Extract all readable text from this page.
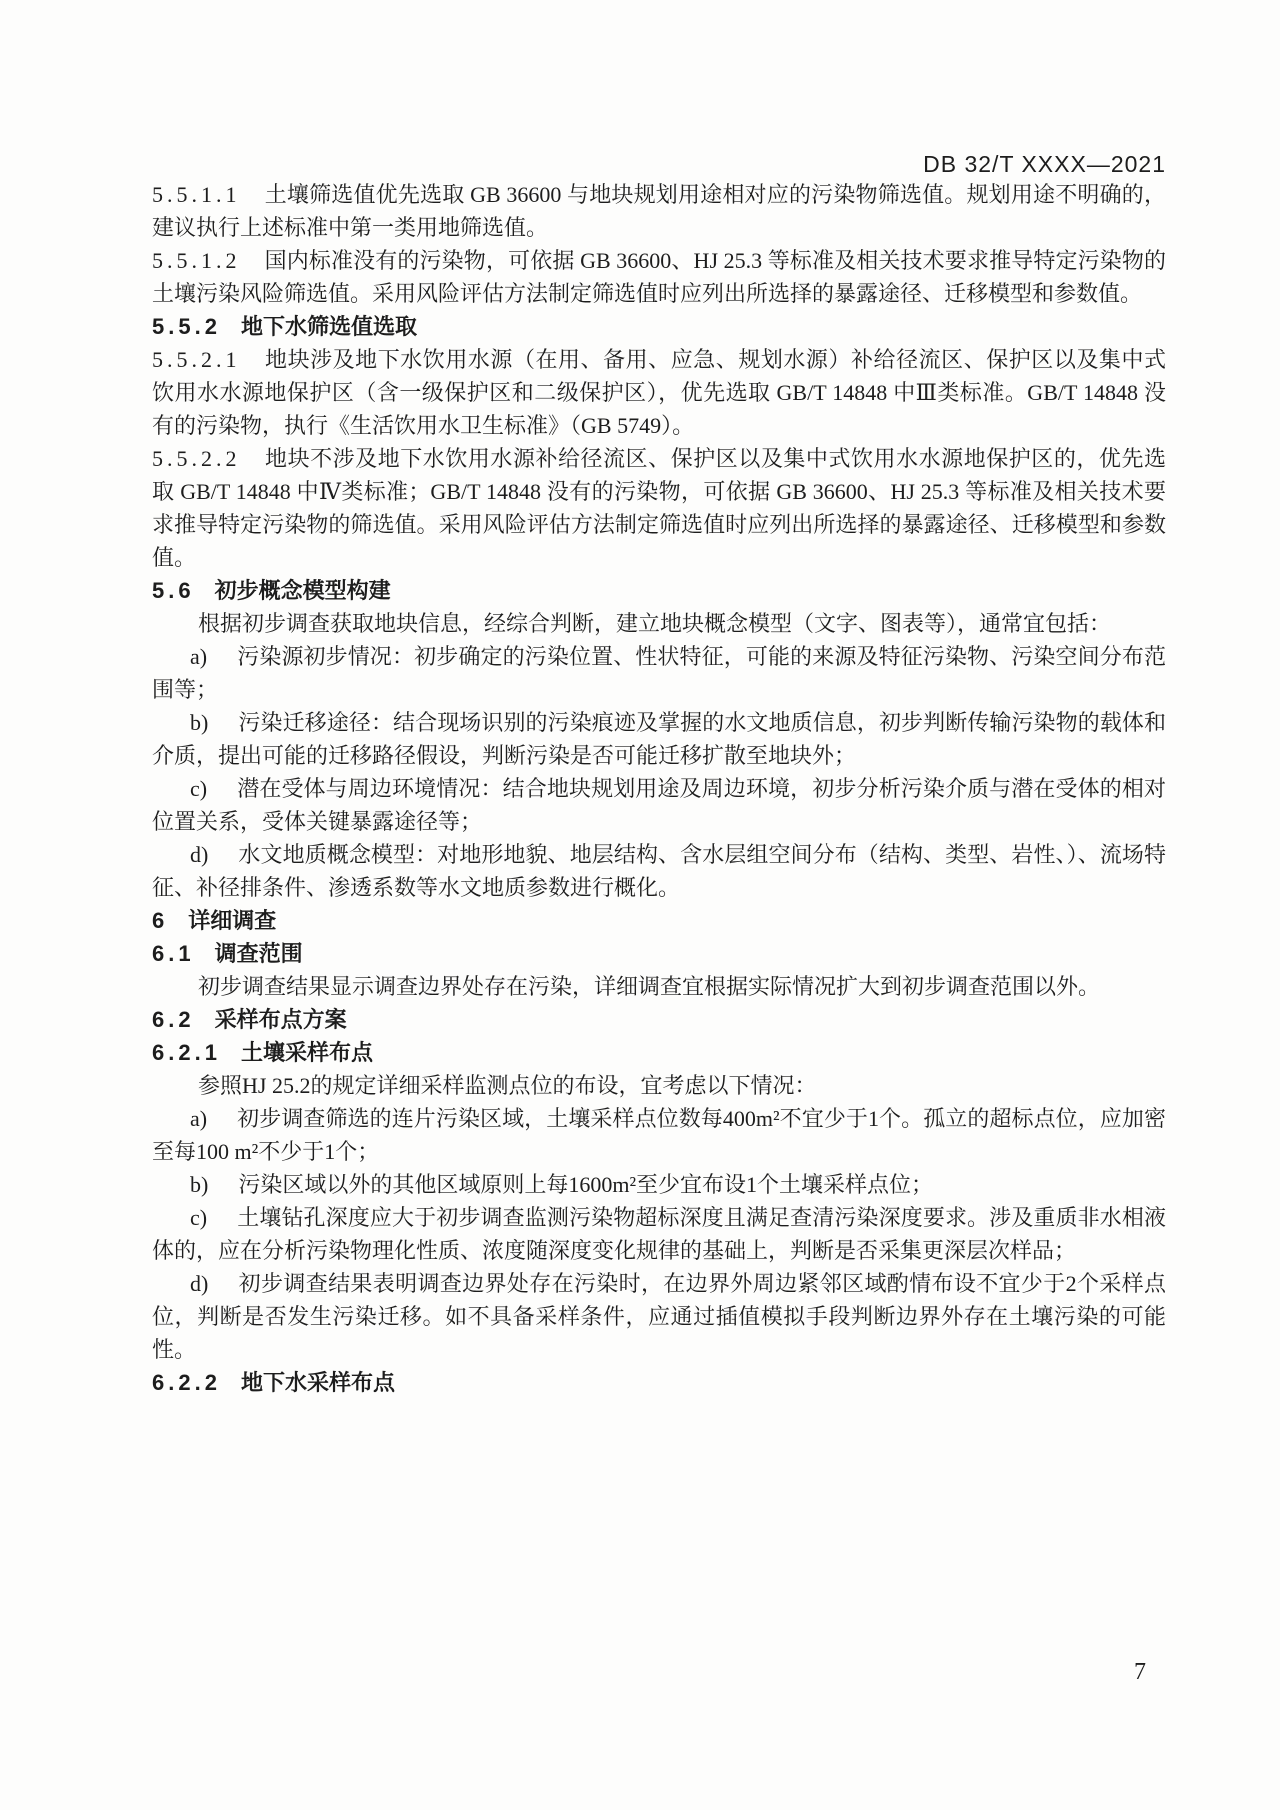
DB 32/T XXXX—2021

5.5.1.1 土壤筛选值优先选取 GB 36600 与地块规划用途相对应的污染物筛选值。规划用途不明确的，建议执行上述标准中第一类用地筛选值。

5.5.1.2 国内标准没有的污染物，可依据 GB 36600、HJ 25.3 等标准及相关技术要求推导特定污染物的土壤污染风险筛选值。采用风险评估方法制定筛选值时应列出所选择的暴露途径、迁移模型和参数值。

5.5.2 地下水筛选值选取

5.5.2.1 地块涉及地下水饮用水源（在用、备用、应急、规划水源）补给径流区、保护区以及集中式饮用水水源地保护区（含一级保护区和二级保护区），优先选取 GB/T 14848 中Ⅲ类标准。GB/T 14848 没有的污染物，执行《生活饮用水卫生标准》（GB 5749）。

5.5.2.2 地块不涉及地下水饮用水源补给径流区、保护区以及集中式饮用水水源地保护区的，优先选取 GB/T 14848 中Ⅳ类标准；GB/T 14848 没有的污染物，可依据 GB 36600、HJ 25.3 等标准及相关技术要求推导特定污染物的筛选值。采用风险评估方法制定筛选值时应列出所选择的暴露途径、迁移模型和参数值。

5.6 初步概念模型构建

根据初步调查获取地块信息，经综合判断，建立地块概念模型（文字、图表等），通常宜包括：

a) 污染源初步情况：初步确定的污染位置、性状特征，可能的来源及特征污染物、污染空间分布范围等；

b) 污染迁移途径：结合现场识别的污染痕迹及掌握的水文地质信息，初步判断传输污染物的载体和介质，提出可能的迁移路径假设，判断污染是否可能迁移扩散至地块外；

c) 潜在受体与周边环境情况：结合地块规划用途及周边环境，初步分析污染介质与潜在受体的相对位置关系，受体关键暴露途径等；

d) 水文地质概念模型：对地形地貌、地层结构、含水层组空间分布（结构、类型、岩性、）、流场特征、补径排条件、渗透系数等水文地质参数进行概化。

6 详细调查
6.1 调查范围

初步调查结果显示调查边界处存在污染，详细调查宜根据实际情况扩大到初步调查范围以外。

6.2 采样布点方案
6.2.1 土壤采样布点

参照HJ 25.2的规定详细采样监测点位的布设，宜考虑以下情况：

a) 初步调查筛选的连片污染区域，土壤采样点位数每400m²不宜少于1个。孤立的超标点位，应加密至每100 m²不少于1个；

b) 污染区域以外的其他区域原则上每1600m²至少宜布设1个土壤采样点位；

c) 土壤钻孔深度应大于初步调查监测污染物超标深度且满足查清污染深度要求。涉及重质非水相液体的，应在分析污染物理化性质、浓度随深度变化规律的基础上，判断是否采集更深层次样品；

d) 初步调查结果表明调查边界处存在污染时，在边界外周边紧邻区域酌情布设不宜少于2个采样点位，判断是否发生污染迁移。如不具备采样条件，应通过插值模拟手段判断边界外存在土壤污染的可能性。

6.2.2 地下水采样布点
7
